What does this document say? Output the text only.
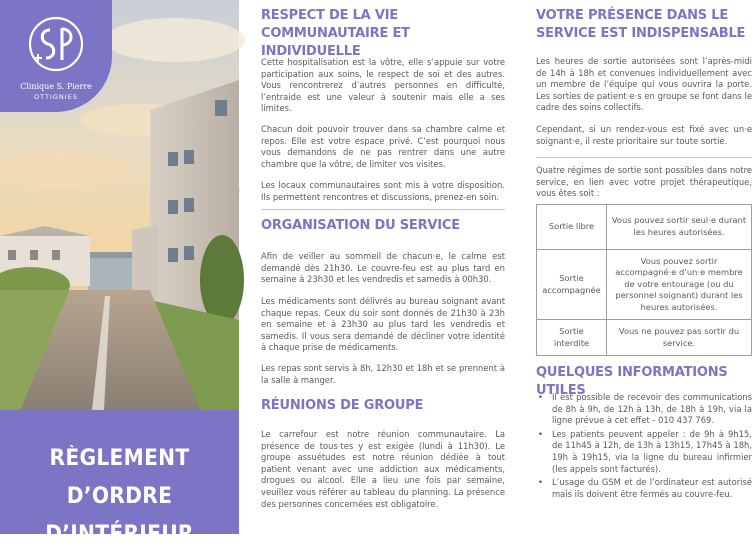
Clinique S. Pierre
OTTIGNIES
RÈGLEMENT D’ORDRE
D’INTÉRIEUR
RESPECT DE LA VIE COMMUNAUTAIRE ET INDIVIDUELLE

Cette hospitalisation est la vôtre, elle s’appuie sur votre participation aux soins, le respect de soi et des autres. Vous rencontrerez d’autres personnes en difficulté, l’entraide est une valeur à soutenir mais elle a ses limites.

Chacun doit pouvoir trouver dans sa chambre calme et repos. Elle est votre espace privé. C’est pourquoi nous vous demandons de ne pas rentrer dans une autre chambre que la vôtre, de limiter vos visites.

Les locaux communautaires sont mis à votre disposition. Ils permettent rencontres et discussions, prenez-en soin.

ORGANISATION DU SERVICE

Afin de veiller au sommeil de chacun·e, le calme est demandé dès 21h30. Le couvre-feu est au plus tard en semaine à 23h30 et les vendredis et samedis à 00h30.

Les médicaments sont délivrés au bureau soignant avant chaque repas. Ceux du soir sont donnés de 21h30 à 23h en semaine et à 23h30 au plus tard les vendredis et samedis. Il vous sera demandé de décliner votre identité à chaque prise de médicaments.

Les repas sont servis à 8h, 12h30 et 18h et se prennent à la salle à manger.

RÉUNIONS DE GROUPE

Le carrefour est notre réunion communautaire. La présence de tous·tes y est exigée (lundi à 11h30). Le groupe assuétudes est notre réunion dédiée à tout patient venant avec une addiction aux médicaments, drogues ou alcool. Elle a lieu une fois par semaine, veuillez vous référer au tableau du planning. La présence des personnes concernées est obligatoire.

VOTRE PRÉSENCE DANS LE SERVICE EST INDISPENSABLE

Les heures de sortie autorisées sont l’après-midi de 14h à 18h et convenues individuellement avec un membre de l’équipe qui vous ouvrira la porte. Les sorties de patient·e·s en groupe se font dans le cadre des soins collectifs.

Cependant, si un rendez-vous est fixé avec un·e soignant·e, il reste prioritaire sur toute sortie.

Quatre régimes de sortie sont possibles dans notre service, en lien avec votre projet thérapeutique, vous êtes soit :

Sortie libre	Vous pouvez sortir seul·e durant les heures autorisées.
Sortie accompagnée	Vous pouvez sortir accompagné·e d’un·e membre de votre entourage (ou du personnel soignant) durant les heures autorisées.
Sortie interdite	Vous ne pouvez pas sortir du service.
QUELQUES INFORMATIONS UTILES
• Il est possible de recevoir des communications de 8h à 9h, de 12h à 13h, de 18h à 19h, via la ligne prévue à cet effet - 010 437 769.
• Les patients peuvent appeler : de 9h à 9h15, de 11h45 à 12h, de 13h à 13h15, 17h45 à 18h, 19h à 19h15, via la ligne du bureau infirmier (les appels sont facturés).
• L’usage du GSM et de l’ordinateur est autorisé mais ils doivent être fermés au couvre-feu.
